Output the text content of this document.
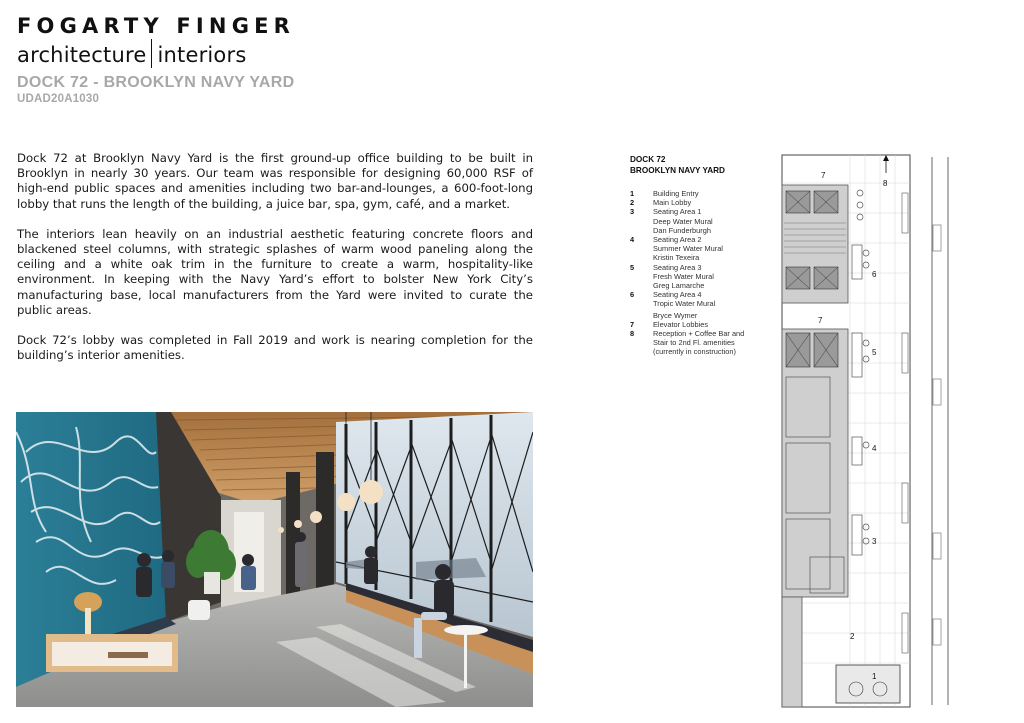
FOGARTY FINGER
architecture interiors
DOCK 72 - BROOKLYN NAVY YARD
UDAD20A1030

Dock 72 at Brooklyn Navy Yard is the first ground-up office building to be built in Brooklyn in nearly 30 years. Our team was responsible for designing 60,000 RSF of high-end public spaces and amenities including two bar-and-lounges, a 600-foot-long lobby that runs the length of the building, a juice bar, spa, gym, café, and a market.

The interiors lean heavily on an industrial aesthetic featuring concrete floors and blackened steel columns, with strategic splashes of warm wood paneling along the ceiling and a white oak trim in the furniture to create a warm, hospitality-like environment. In keeping with the Navy Yard’s effort to bolster New York City’s manufacturing base, local manufacturers from the Yard were invited to curate the public areas.

Dock 72’s lobby was completed in Fall 2019 and work is nearing completion for the building’s interior amenities.

DOCK 72
BROOKLYN NAVY YARD
1	Building Entry
2	Main Lobby
3	Seating Area 1
Deep Water Mural
Dan Funderburgh
4	Seating Area 2
Summer Water Mural
Kristin Texeira
5	Seating Area 3
Fresh Water Mural
Greg Lamarche
6	Seating Area 4
Tropic Water Mural
Bryce Wymer
7	Elevator Lobbies
8	Reception + Coffee Bar and
Stair to 2nd Fl. amenities
(currently in construction)
7
8
6
7
5
4
3
2
1
